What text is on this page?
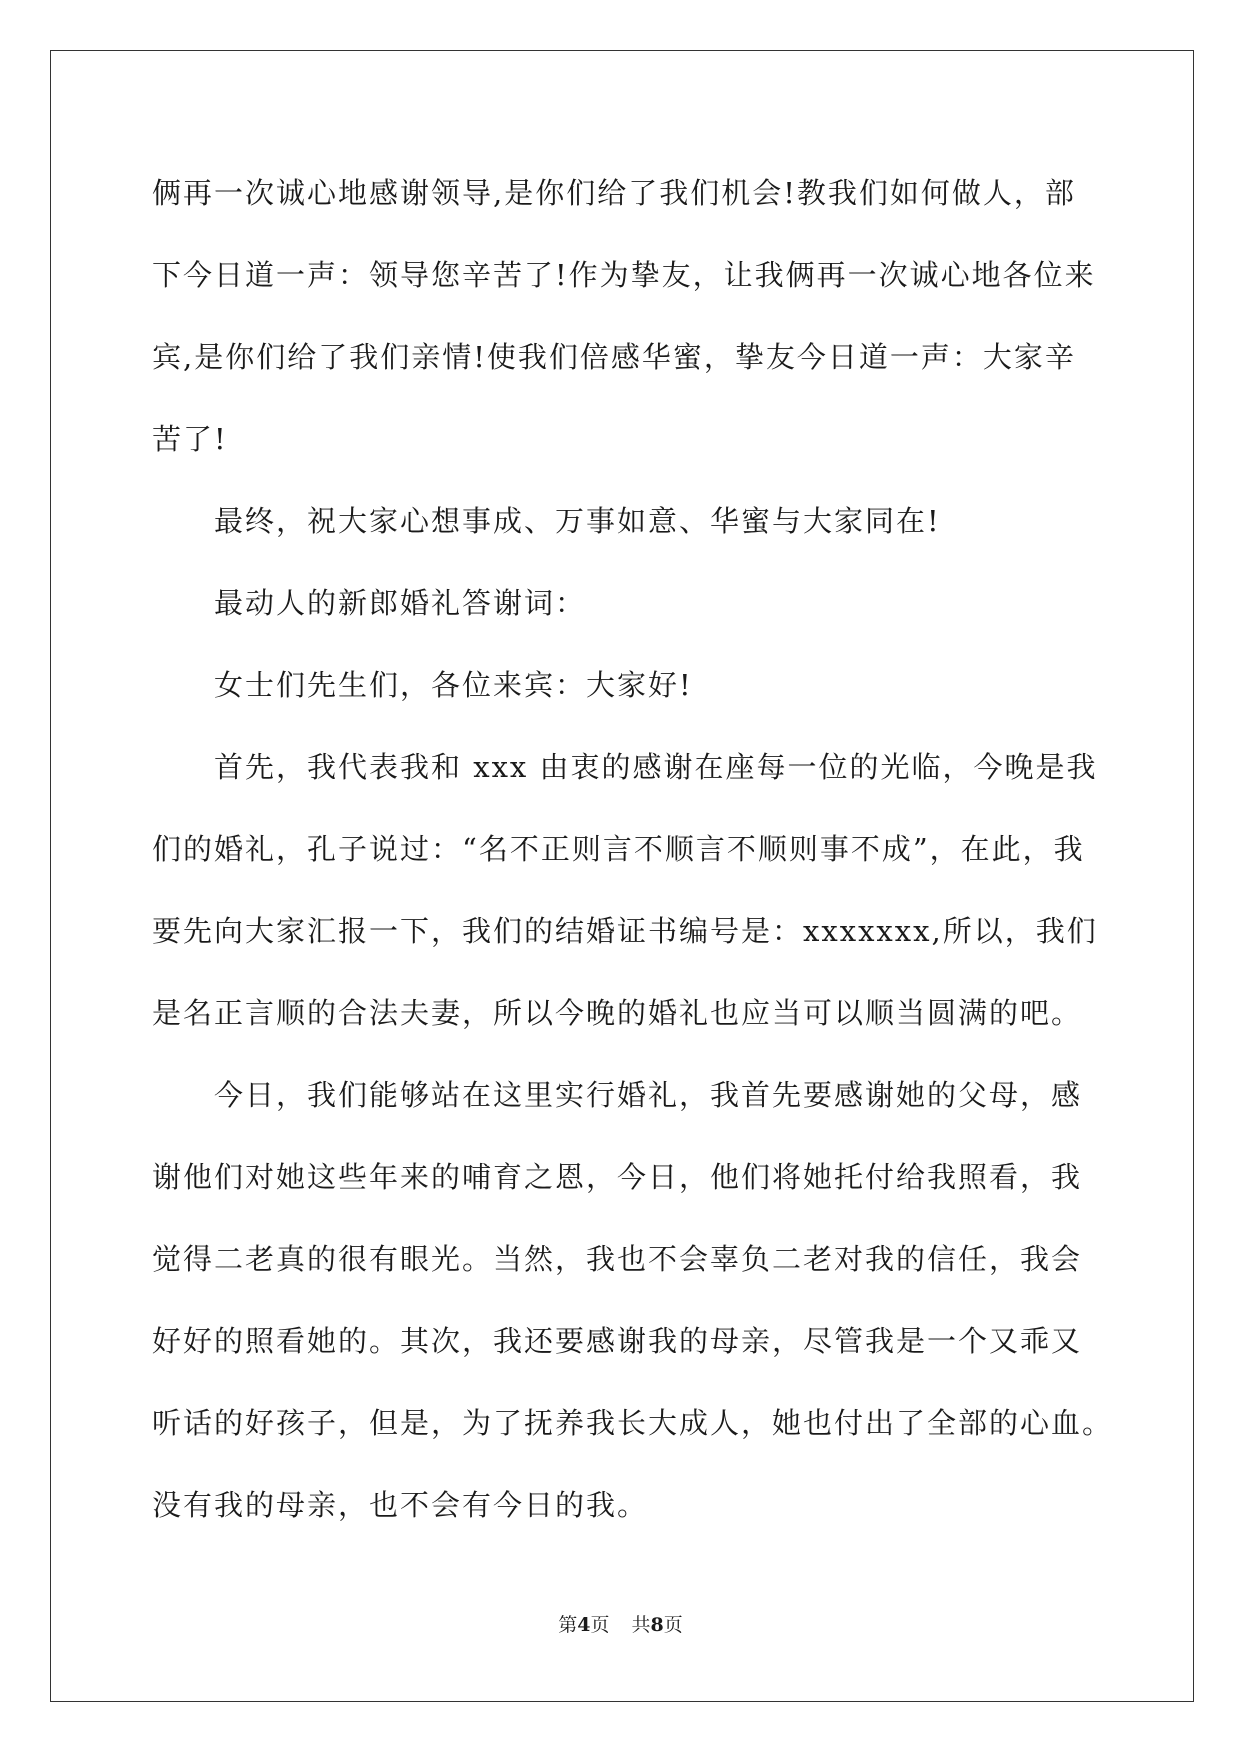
俩再一次诚心地感谢领导,是你们给了我们机会!教我们如何做人，部
下今日道一声：领导您辛苦了!作为挚友，让我俩再一次诚心地各位来
宾,是你们给了我们亲情!使我们倍感华蜜，挚友今日道一声：大家辛
苦了!
最终，祝大家心想事成、万事如意、华蜜与大家同在!
最动人的新郎婚礼答谢词：
女士们先生们，各位来宾：大家好!
首先，我代表我和 xxx 由衷的感谢在座每一位的光临，今晚是我
们的婚礼，孔子说过：“名不正则言不顺言不顺则事不成”，在此，我
要先向大家汇报一下，我们的结婚证书编号是：xxxxxxx,所以，我们
是名正言顺的合法夫妻，所以今晚的婚礼也应当可以顺当圆满的吧。
今日，我们能够站在这里实行婚礼，我首先要感谢她的父母，感
谢他们对她这些年来的哺育之恩，今日，他们将她托付给我照看，我
觉得二老真的很有眼光。当然，我也不会辜负二老对我的信任，我会
好好的照看她的。其次，我还要感谢我的母亲，尽管我是一个又乖又
听话的好孩子，但是，为了抚养我长大成人，她也付出了全部的心血。
没有我的母亲，也不会有今日的我。
第4页 共8页
